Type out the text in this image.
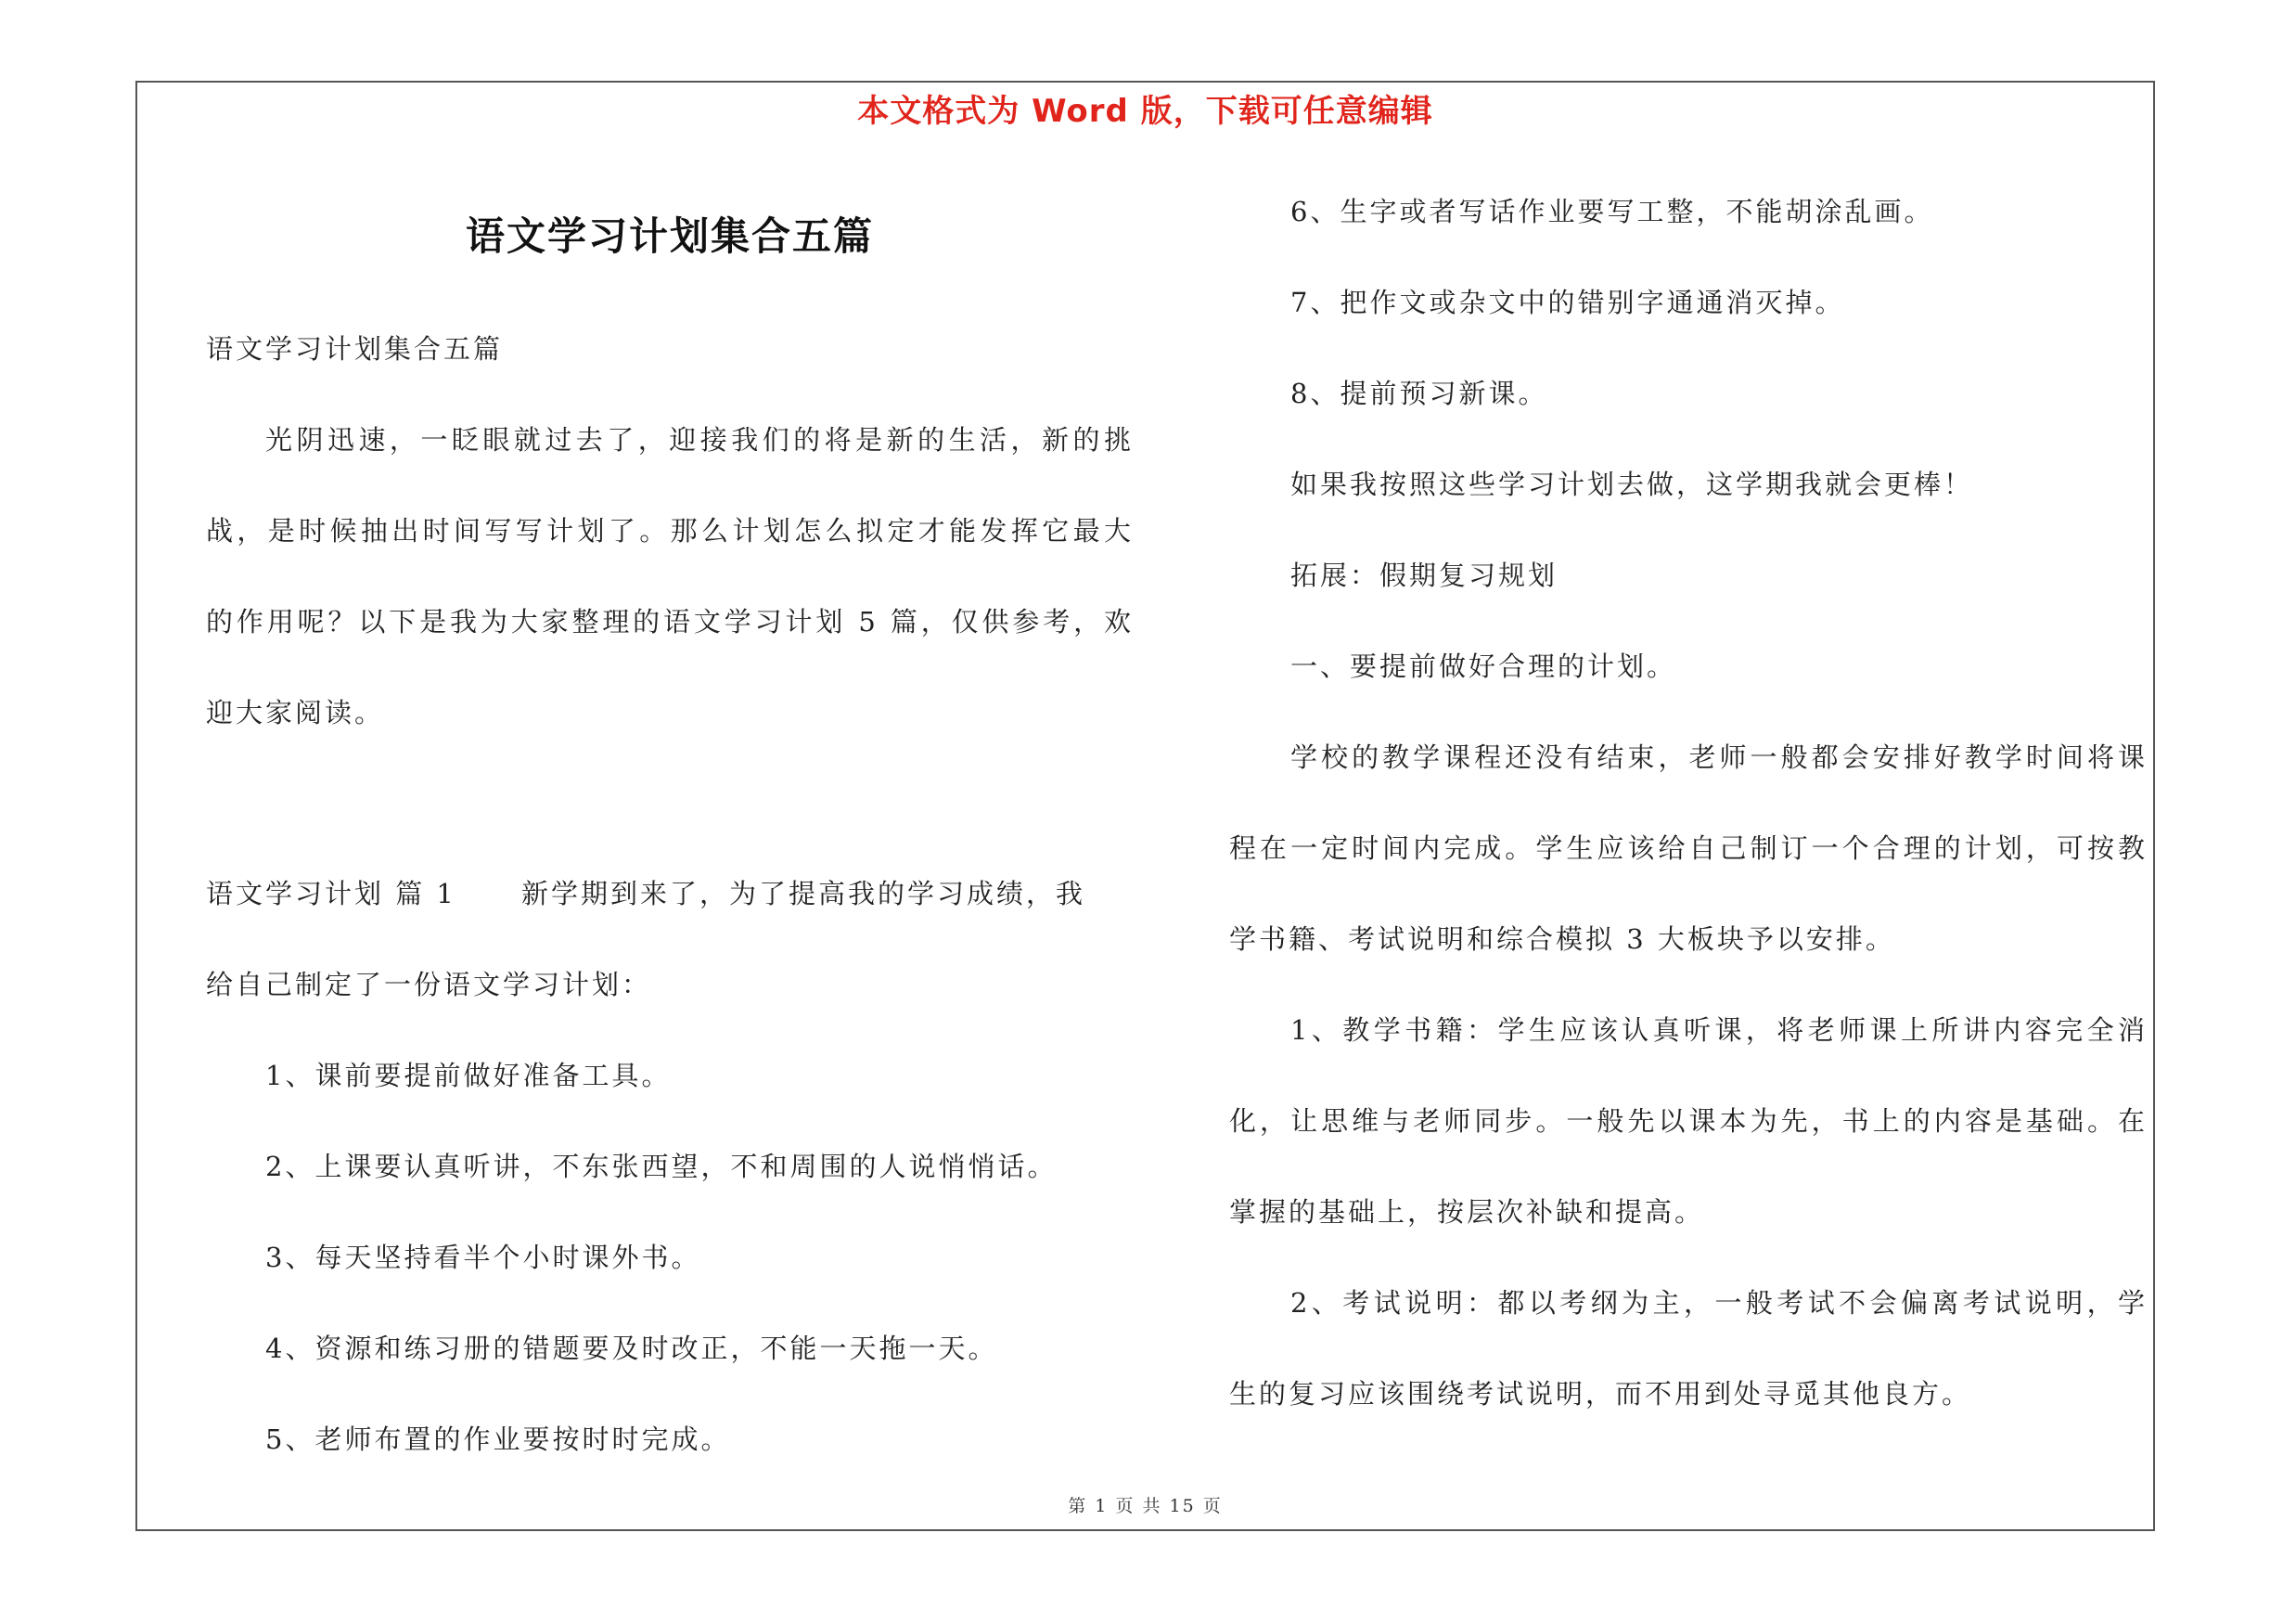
本文格式为 Word 版，下载可任意编辑
语文学习计划集合五篇
语文学习计划集合五篇
光阴迅速，一眨眼就过去了，迎接我们的将是新的生活，新的挑
战，是时候抽出时间写写计划了。那么计划怎么拟定才能发挥它最大
的作用呢？以下是我为大家整理的语文学习计划 5 篇，仅供参考，欢
迎大家阅读。
语文学习计划 篇 1 新学期到来了，为了提高我的学习成绩，我
给自己制定了一份语文学习计划：
1、课前要提前做好准备工具。
2、上课要认真听讲，不东张西望，不和周围的人说悄悄话。
3、每天坚持看半个小时课外书。
4、资源和练习册的错题要及时改正，不能一天拖一天。
5、老师布置的作业要按时时完成。
6、生字或者写话作业要写工整，不能胡涂乱画。
7、把作文或杂文中的错别字通通消灭掉。
8、提前预习新课。
如果我按照这些学习计划去做，这学期我就会更棒！
拓展：假期复习规划
一、要提前做好合理的计划。
学校的教学课程还没有结束，老师一般都会安排好教学时间将课
程在一定时间内完成。学生应该给自己制订一个合理的计划，可按教
学书籍、考试说明和综合模拟 3 大板块予以安排。
1、教学书籍：学生应该认真听课，将老师课上所讲内容完全消
化，让思维与老师同步。一般先以课本为先，书上的内容是基础。在
掌握的基础上，按层次补缺和提高。
2、考试说明：都以考纲为主，一般考试不会偏离考试说明，学
生的复习应该围绕考试说明，而不用到处寻觅其他良方。
第 1 页 共 15 页
